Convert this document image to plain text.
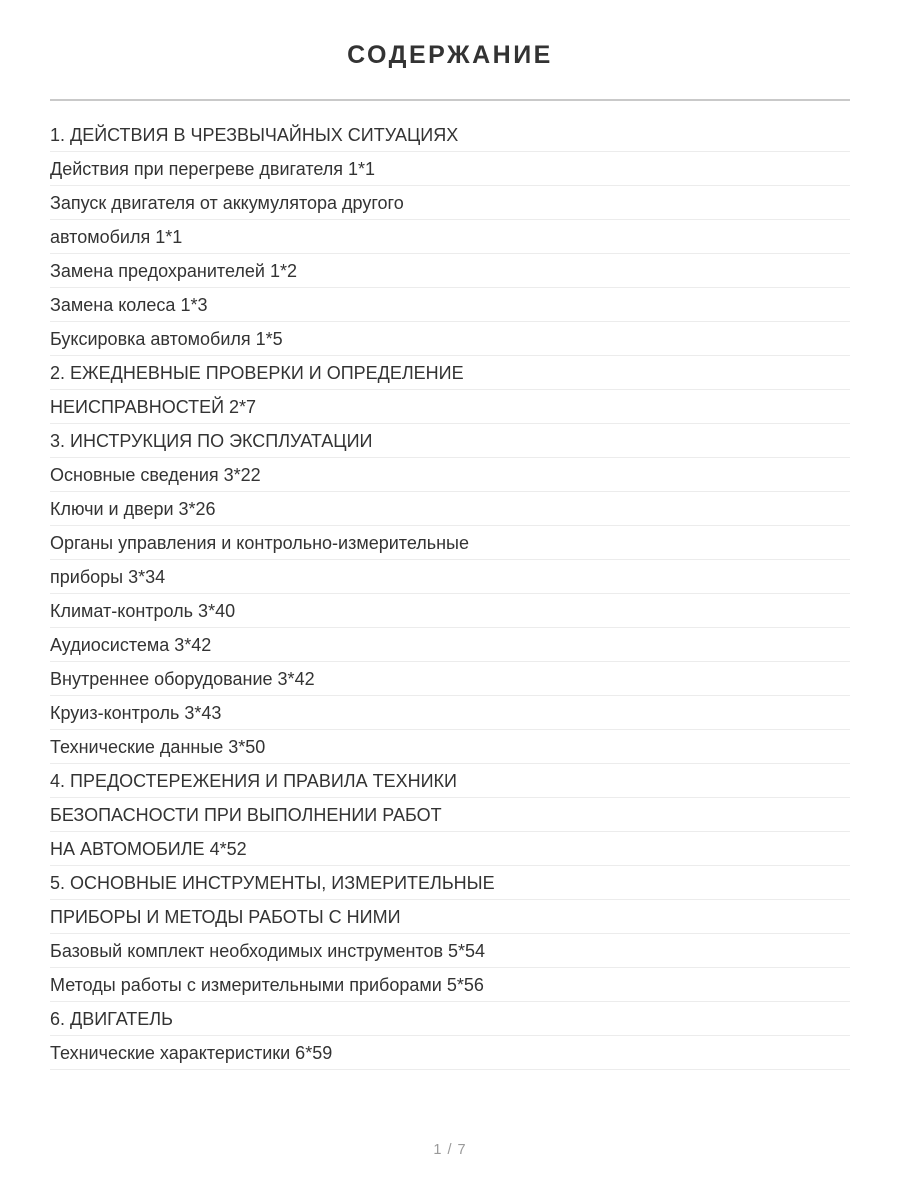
СОДЕРЖАНИЕ
1. ДЕЙСТВИЯ В ЧРЕЗВЫЧАЙНЫХ СИТУАЦИЯХ
Действия при перегреве двигателя 1*1
Запуск двигателя от аккумулятора другого
автомобиля 1*1
Замена предохранителей 1*2
Замена колеса 1*3
Буксировка автомобиля 1*5
2. ЕЖЕДНЕВНЫЕ ПРОВЕРКИ И ОПРЕДЕЛЕНИЕ
НЕИСПРАВНОСТЕЙ 2*7
3. ИНСТРУКЦИЯ ПО ЭКСПЛУАТАЦИИ
Основные сведения 3*22
Ключи и двери 3*26
Органы управления и контрольно-измерительные
приборы 3*34
Климат-контроль 3*40
Аудиосистема 3*42
Внутреннее оборудование 3*42
Круиз-контроль 3*43
Технические данные 3*50
4. ПРЕДОСТЕРЕЖЕНИЯ И ПРАВИЛА ТЕХНИКИ
БЕЗОПАСНОСТИ ПРИ ВЫПОЛНЕНИИ РАБОТ
НА АВТОМОБИЛЕ 4*52
5. ОСНОВНЫЕ ИНСТРУМЕНТЫ, ИЗМЕРИТЕЛЬНЫЕ
ПРИБОРЫ И МЕТОДЫ РАБОТЫ С НИМИ
Базовый комплект необходимых инструментов 5*54
Методы работы с измерительными приборами 5*56
6. ДВИГАТЕЛЬ
Технические характеристики 6*59
1 / 7
